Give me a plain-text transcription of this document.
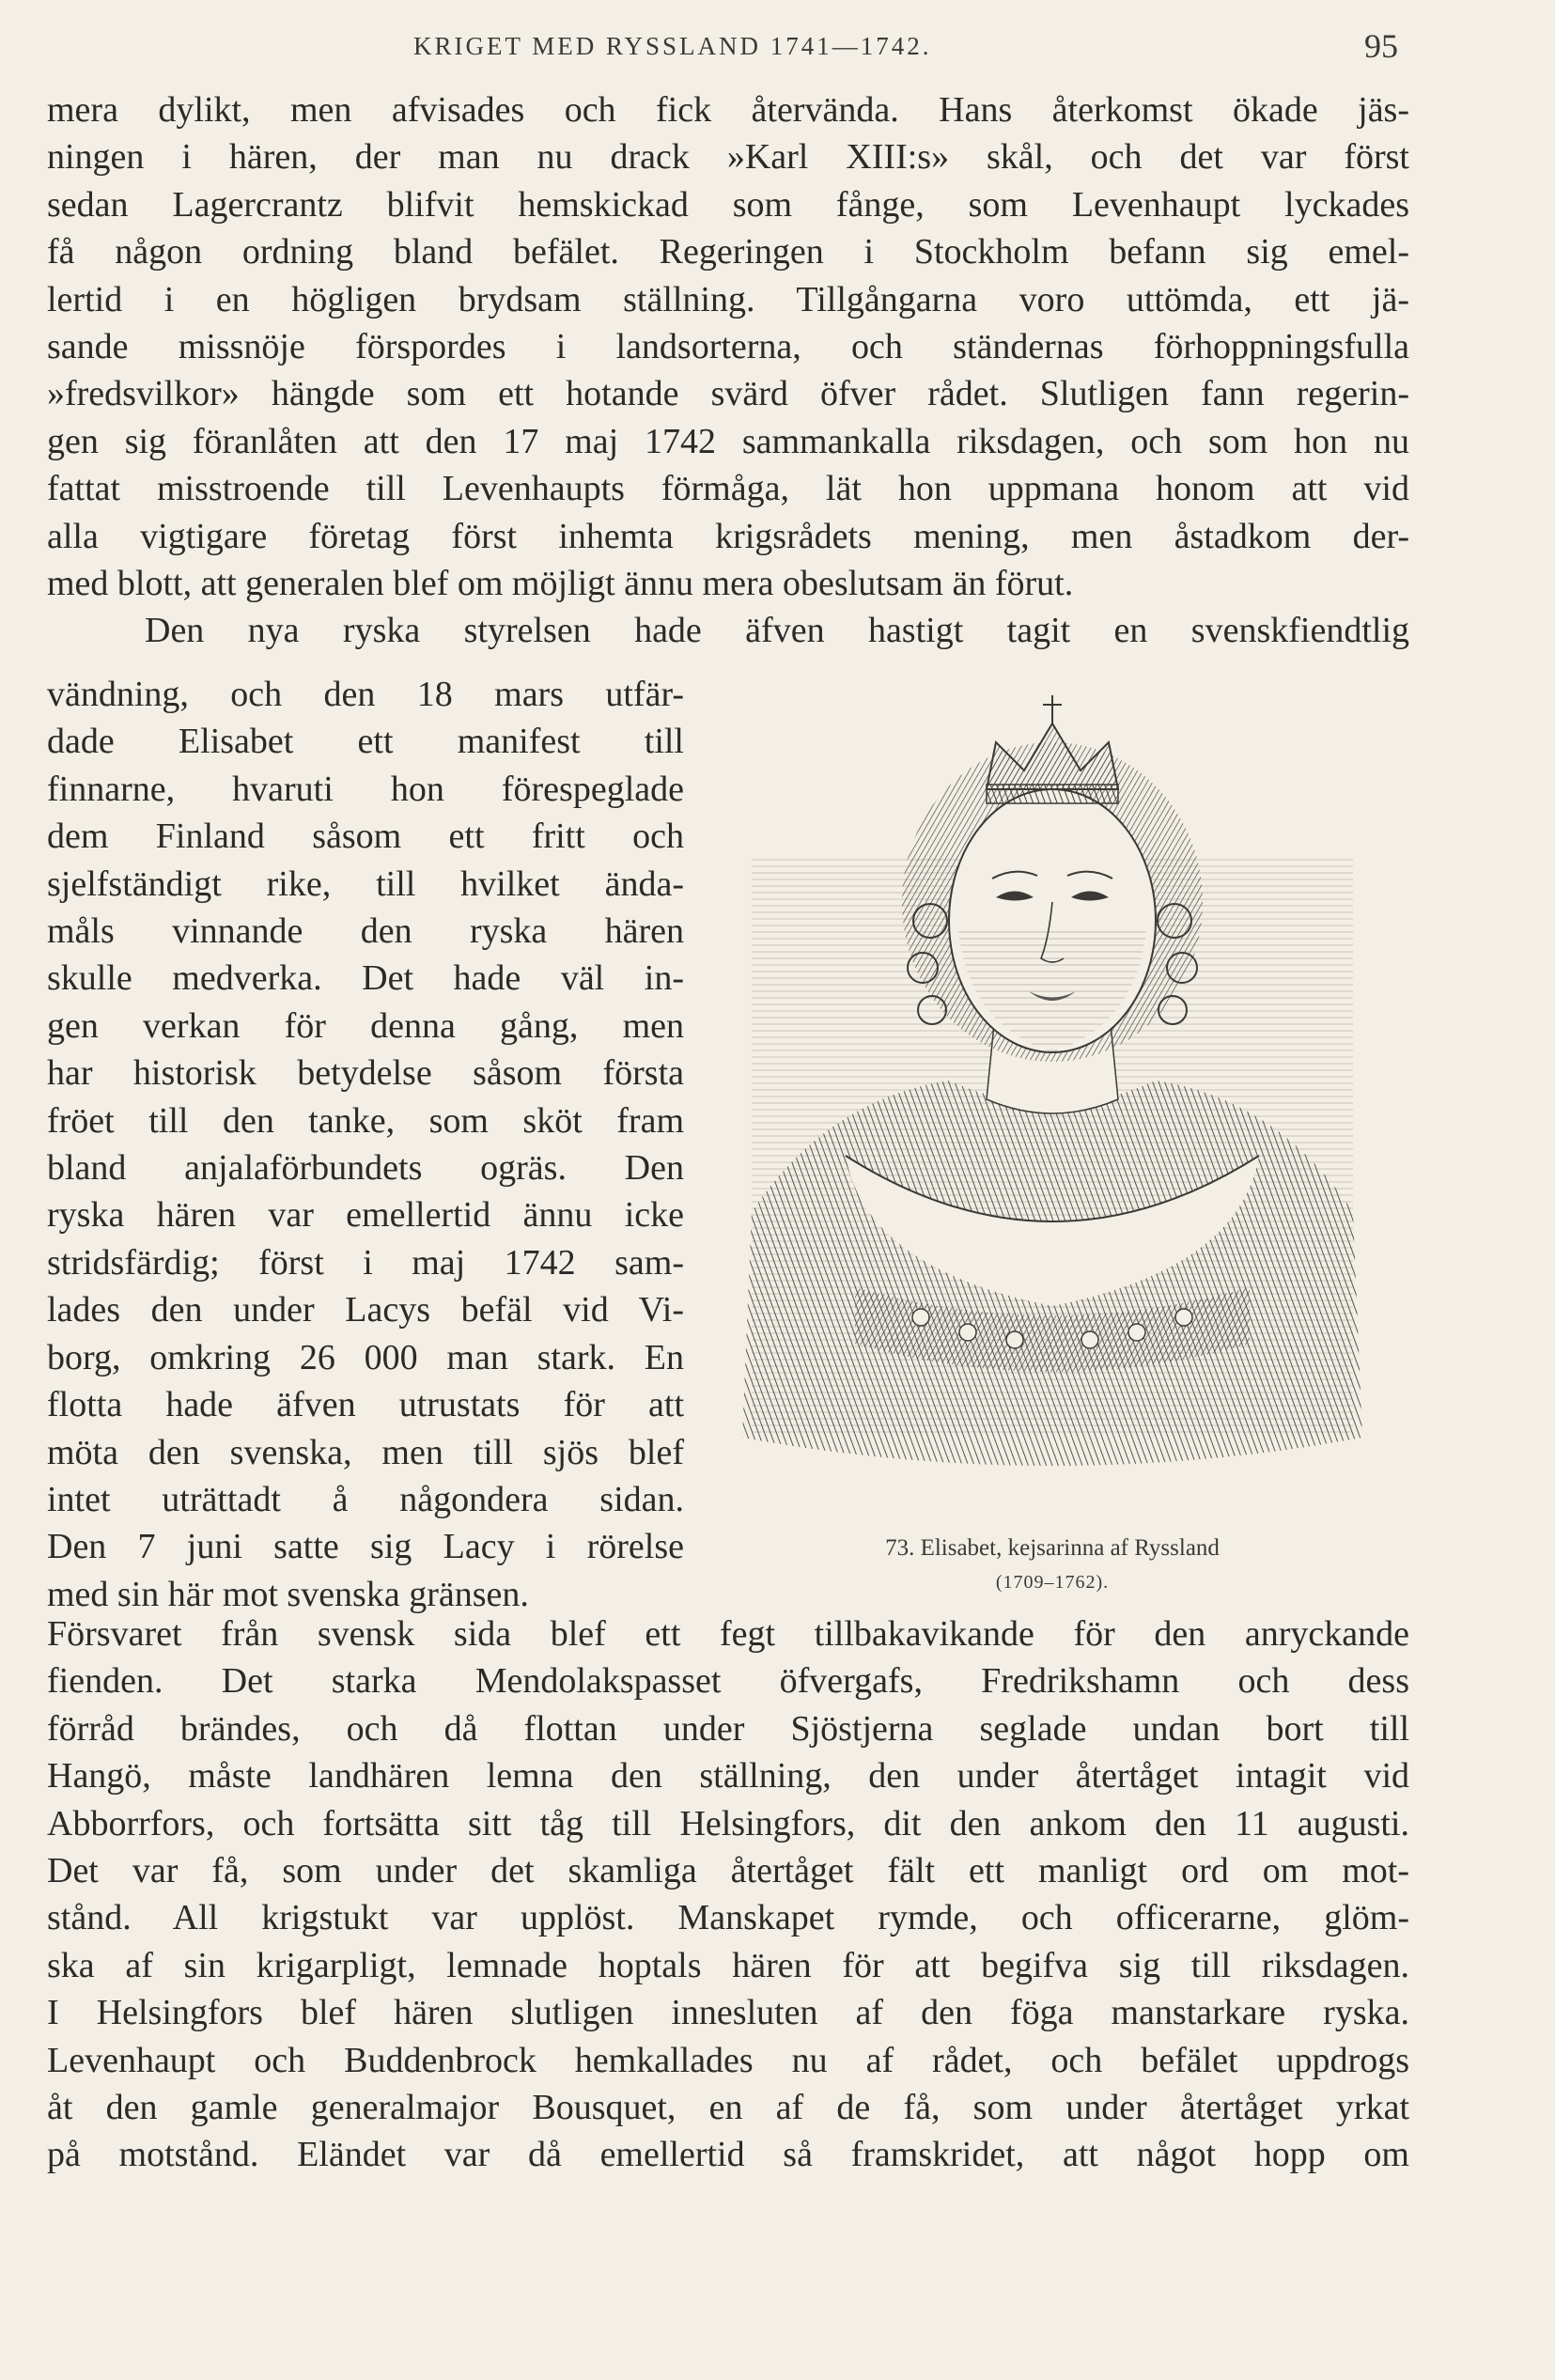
KRIGET MED RYSSLAND 1741—1742.	95
mera dylikt, men afvisades och fick återvända. Hans återkomst ökade jäs-
ningen i hären, der man nu drack »Karl XIII:s» skål, och det var först
sedan Lagercrantz blifvit hemskickad som fånge, som Levenhaupt lyckades
få någon ordning bland befälet. Regeringen i Stockholm befann sig emel-
lertid i en högligen brydsam ställning. Tillgångarna voro uttömda, ett jä-
sande missnöje förspordes i landsorterna, och ständernas förhoppningsfulla
»fredsvilkor» hängde som ett hotande svärd öfver rådet. Slutligen fann regerin-
gen sig föranlåten att den 17 maj 1742 sammankalla riksdagen, och som hon nu
fattat misstroende till Levenhaupts förmåga, lät hon uppmana honom att vid
alla vigtigare företag först inhemta krigsrådets mening, men åstadkom der-
med blott, att generalen blef om möjligt ännu mera obeslutsam än förut.
Den nya ryska styrelsen hade äfven hastigt tagit en svenskfiendtlig
vändning, och den 18 mars utfär-
dade Elisabet ett manifest till
finnarne, hvaruti hon förespeglade
dem Finland såsom ett fritt och
sjelfständigt rike, till hvilket ända-
måls vinnande den ryska hären
skulle medverka. Det hade väl in-
gen verkan för denna gång, men
har historisk betydelse såsom första
fröet till den tanke, som sköt fram
bland anjalaförbundets ogräs. Den
ryska hären var emellertid ännu icke
stridsfärdig; först i maj 1742 sam-
lades den under Lacys befäl vid Vi-
borg, omkring 26 000 man stark. En
flotta hade äfven utrustats för att
möta den svenska, men till sjös blef
intet uträttadt å någondera sidan.
Den 7 juni satte sig Lacy i rörelse
med sin här mot svenska gränsen.
73. Elisabet, kejsarinna af Ryssland
(1709–1762).
Försvaret från svensk sida blef ett fegt tillbakavikande för den anryckande
fienden. Det starka Mendolakspasset öfvergafs, Fredrikshamn och dess
förråd brändes, och då flottan under Sjöstjerna seglade undan bort till
Hangö, måste landhären lemna den ställning, den under återtåget intagit vid
Abborrfors, och fortsätta sitt tåg till Helsingfors, dit den ankom den 11 augusti.
Det var få, som under det skamliga återtåget fält ett manligt ord om mot-
stånd. All krigstukt var upplöst. Manskapet rymde, och officerarne, glöm-
ska af sin krigarpligt, lemnade hoptals hären för att begifva sig till riksdagen.
I Helsingfors blef hären slutligen innesluten af den föga manstarkare ryska.
Levenhaupt och Buddenbrock hemkallades nu af rådet, och befälet uppdrogs
åt den gamle generalmajor Bousquet, en af de få, som under återtåget yrkat
på motstånd. Eländet var då emellertid så framskridet, att något hopp om
